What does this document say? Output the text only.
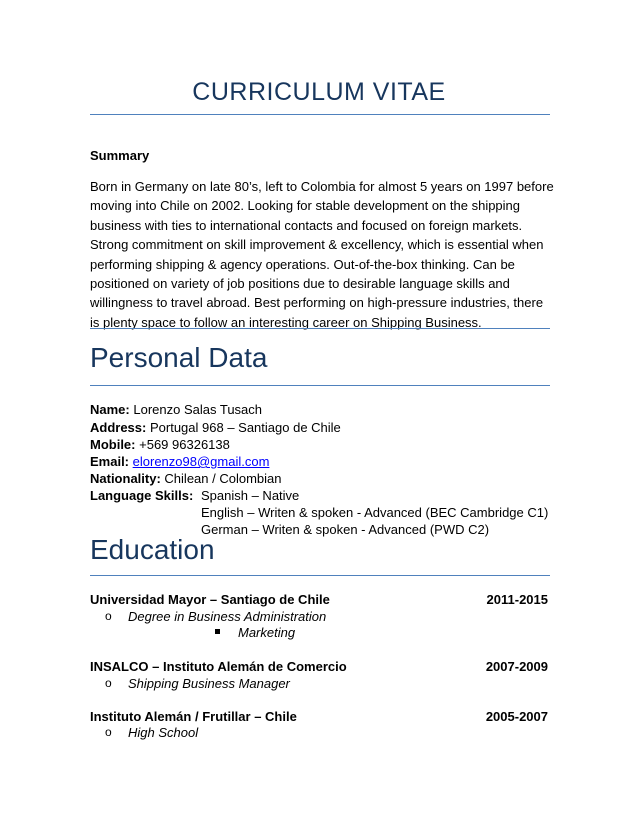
CURRICULUM VITAE
Summary
Born in Germany on late 80’s, left to Colombia for almost 5 years on 1997 before moving into Chile on 2002. Looking for stable development on the shipping business with ties to international contacts and focused on foreign markets. Strong commitment on skill improvement & excellency, which is essential when performing shipping & agency operations. Out-of-the-box thinking. Can be positioned on variety of job positions due to desirable language skills and willingness to travel abroad. Best performing on high-pressure industries, there is plenty space to follow an interesting career on Shipping Business.
Personal Data
Name: Lorenzo Salas Tusach
Address: Portugal 968 – Santiago de Chile
Mobile: +569 96326138
Email: elorenzo98@gmail.com
Nationality: Chilean / Colombian
Language Skills: Spanish – Native
English – Writen & spoken - Advanced (BEC Cambridge C1)
German – Writen & spoken - Advanced (PWD C2)
Education
Universidad Mayor – Santiago de Chile	2011-2015
o Degree in Business Administration
Marketing
INSALCO – Instituto Alemán de Comercio	2007-2009
o Shipping Business Manager
Instituto Alemán / Frutillar – Chile	2005-2007
o High School
